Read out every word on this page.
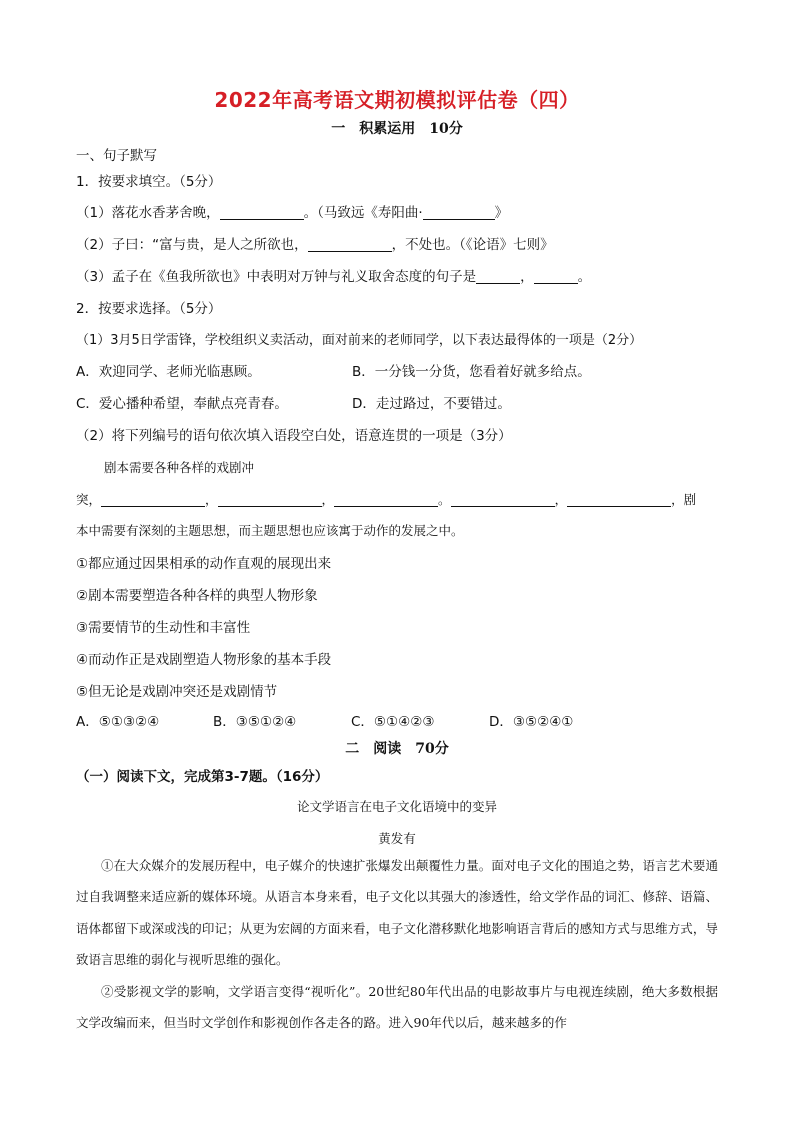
2022年高考语文期初模拟评估卷（四）
一　积累运用　10分
一、句子默写
1．按要求填空。（5分）
（1）落花水香茅舍晚，	。（马致远《寿阳曲·	》
（2）子曰：“富与贵，是人之所欲也，	，不处也。（《论语》七则》
（3）孟子在《鱼我所欲也》中表明对万钟与礼义取舍态度的句子是	，	。
2．按要求选择。（5分）
（1）3月5日学雷锋，学校组织义卖活动，面对前来的老师同学，以下表达最得体的一项是（2分）
A．欢迎同学、老师光临惠顾。	B．一分钱一分货，您看着好就多给点。
C．爱心播种希望，奉献点亮青春。	D．走过路过，不要错过。
（2）将下列编号的语句依次填入语段空白处，语意连贯的一项是（3分）
剧本需要各种各样的戏剧冲
突，	，	，	。	，	，剧
本中需要有深刻的主题思想，而主题思想也应该寓于动作的发展之中。
①都应通过因果相承的动作直观的展现出来
②剧本需要塑造各种各样的典型人物形象
③需要情节的生动性和丰富性
④而动作正是戏剧塑造人物形象的基本手段
⑤但无论是戏剧冲突还是戏剧情节
A．⑤①③②④	B．③⑤①②④	C．⑤①④②③	D．③⑤②④①
二　阅读　70分
（一）阅读下文，完成第3-7题。（16分）
论文学语言在电子文化语境中的变异
黄发有

①在大众媒介的发展历程中，电子媒介的快速扩张爆发出颠覆性力量。面对电子文化的围追之势，语言艺术要通过自我调整来适应新的媒体环境。从语言本身来看，电子文化以其强大的渗透性，给文学作品的词汇、修辞、语篇、语体都留下或深或浅的印记；从更为宏阔的方面来看，电子文化潜移默化地影响语言背后的感知方式与思维方式，导致语言思维的弱化与视听思维的强化。

②受影视文学的影响，文学语言变得“视听化”。20世纪80年代出品的电影故事片与电视连续剧，绝大多数根据文学改编而来，但当时文学创作和影视创作各走各的路。进入90年代以后，越来越多的作
